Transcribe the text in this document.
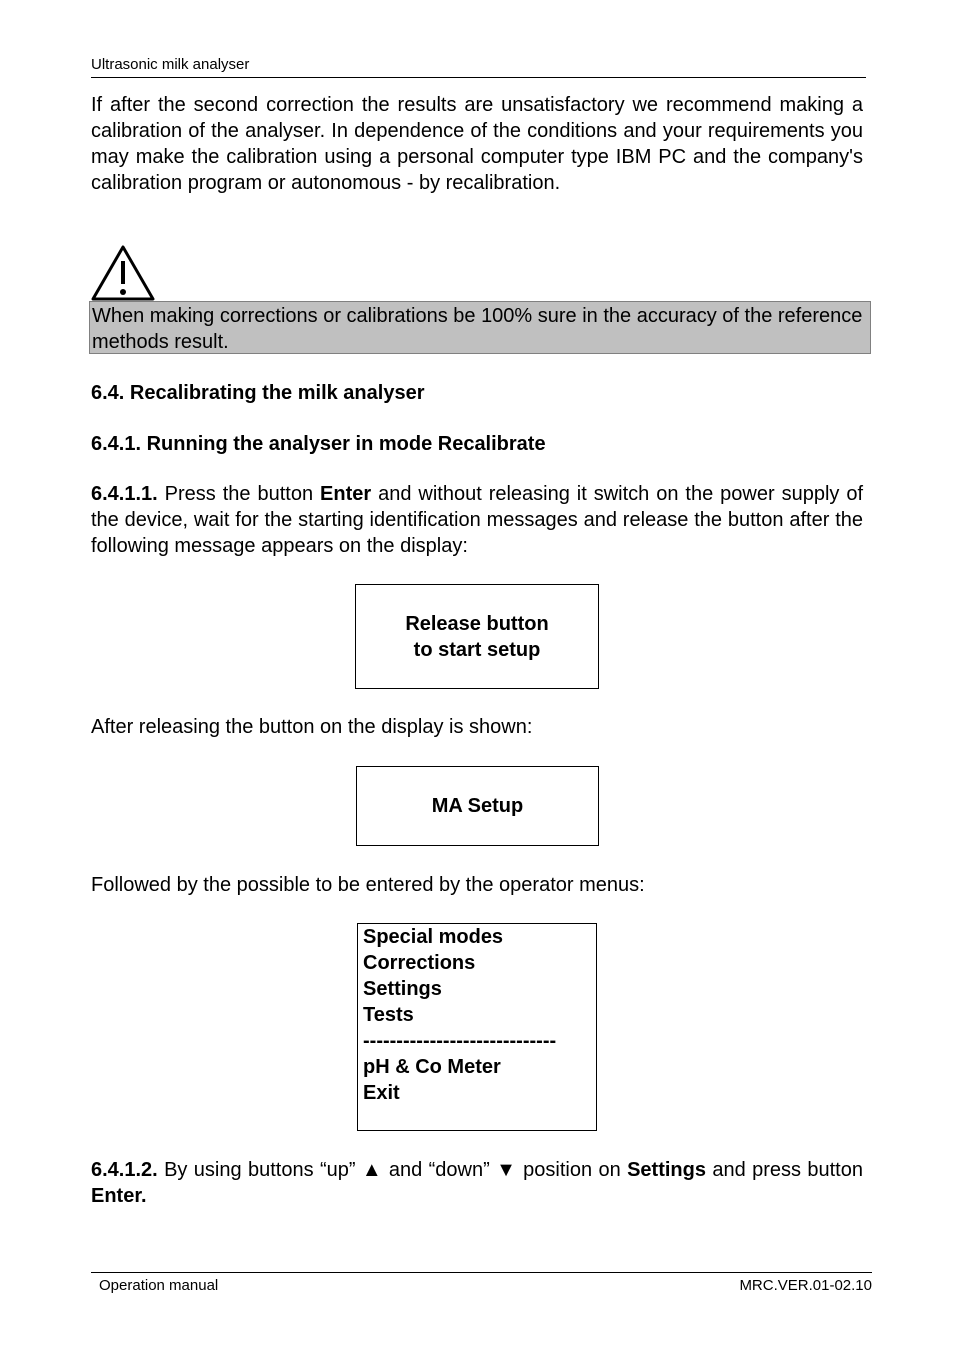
Ultrasonic milk analyser

If after the second correction the results are unsatisfactory we recommend making a calibration of the analyser. In dependence of the conditions and your requirements you may make the calibration using a personal computer type IBM PC and the company's calibration program or autonomous - by recalibration.

When making corrections or calibrations be 100% sure in the accuracy of the reference methods result.
6.4. Recalibrating the milk analyser
6.4.1. Running the analyser in mode Recalibrate

6.4.1.1. Press the button Enter and without releasing it switch on the power supply of the device, wait for the starting identification messages and release the button after the following message appears on the display:

Release button
to start setup

After releasing the button on the display is shown:

MA Setup

Followed by the possible to be entered by the operator menus:

Special modes
Corrections
Settings
Tests
-----------------------------
pH & Co Meter
Exit

6.4.1.2. By using buttons “up” ▲ and “down” ▼ position on Settings and press button Enter.

Operation manual	MRC.VER.01-02.10
